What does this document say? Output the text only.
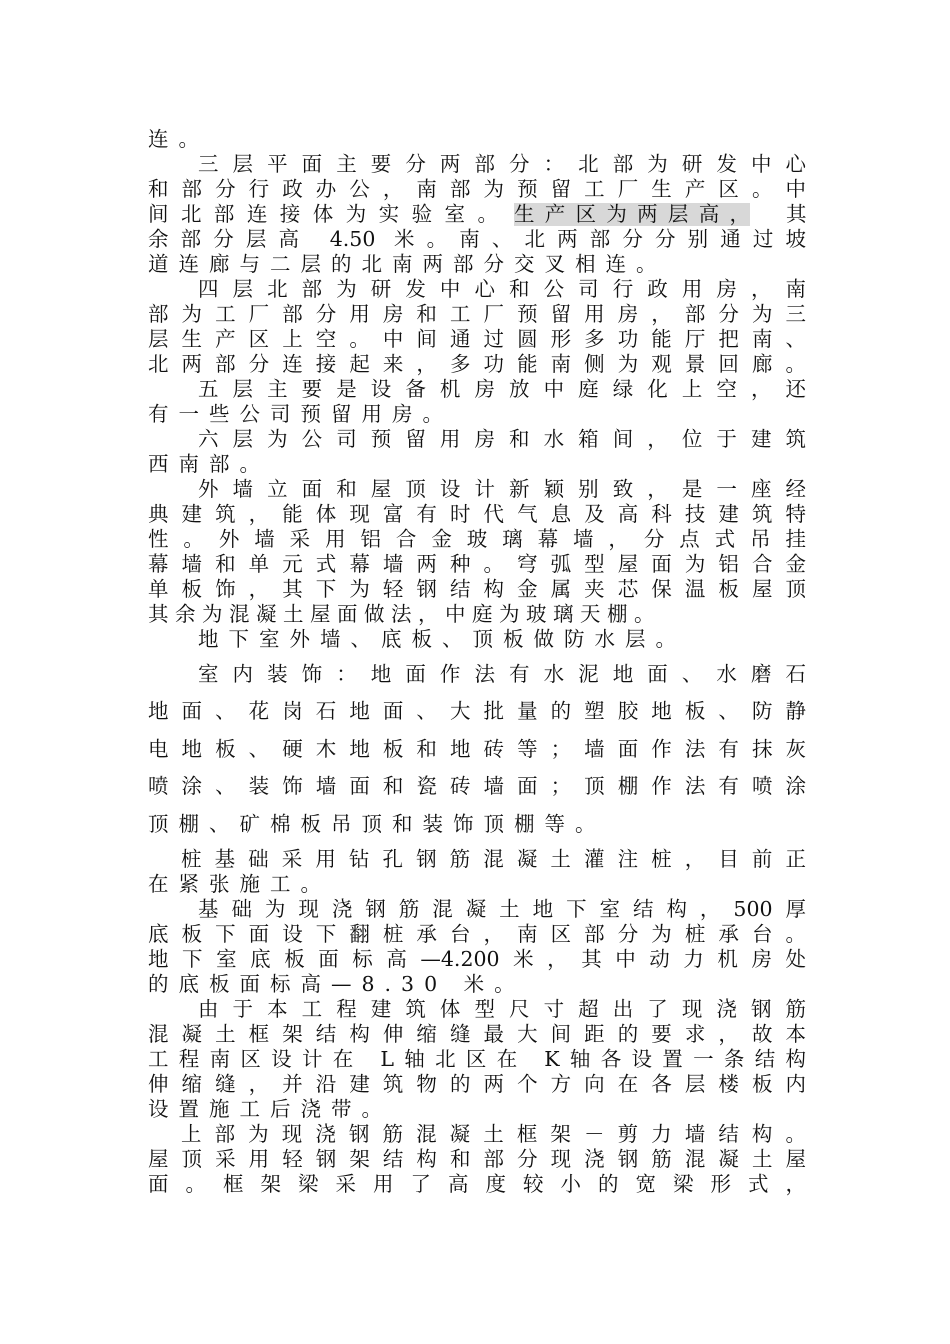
连。
三层平面主要分两部分：北部为研发中心
和部分行政办公，南部为预留工厂生产区。中
间北部连接体为实验室。 生产区为两层高， 其
余部分层高 4.50 米。南、北两部分分别通过坡
道连廊与二层的北南两部分交叉相连。
四层北部为研发中心和公司行政用房，南
部为工厂部分用房和工厂预留用房，部分为三
层生产区上空。中间通过圆形多功能厅把南、
北两部分连接起来，多功能南侧为观景回廊。
五层主要是设备机房放中庭绿化上空，还
有一些公司预留用房。
六层为公司预留用房和水箱间，位于建筑
西南部。
外墙立面和屋顶设计新颖别致，是一座经
典建筑，能体现富有时代气息及高科技建筑特
性。外墙采用铝合金玻璃幕墙，分点式吊挂
幕墙和单元式幕墙两种。穹弧型屋面为铝合金
单板饰，其下为轻钢结构金属夹芯保温板屋顶
其余为混凝土屋面做法，中庭为玻璃天棚。
地下室外墙、底板、顶板做防水层。
室内装饰：地面作法有水泥地面、水磨石
地面、花岗石地面、大批量的塑胶地板、防静
电地板、硬木地板和地砖等；墙面作法有抹灰
喷涂、装饰墙面和瓷砖墙面；顶棚作法有喷涂
顶棚、矿棉板吊顶和装饰顶棚等。
桩基础采用钻孔钢筋混凝土灌注桩，目前正
在紧张施工。
基础为现浇钢筋混凝土地下室结构，500厚
底板下面设下翻桩承台，南区部分为桩承台。
地下室底板面标高—4.200米，其中动力机房处
的底板面标高—8.30 米。
由于本工程建筑体型尺寸超出了现浇钢筋
混凝土框架结构伸缩缝最大间距的要求，故本
工程南区设计在 L轴北区在 K轴各设置一条结构
伸缩缝，并沿建筑物的两个方向在各层楼板内
设置施工后浇带。
上部为现浇钢筋混凝土框架－剪力墙结构。
屋顶采用轻钢架结构和部分现浇钢筋混凝土屋
面。框架梁采用了高度较小的宽梁形式，
